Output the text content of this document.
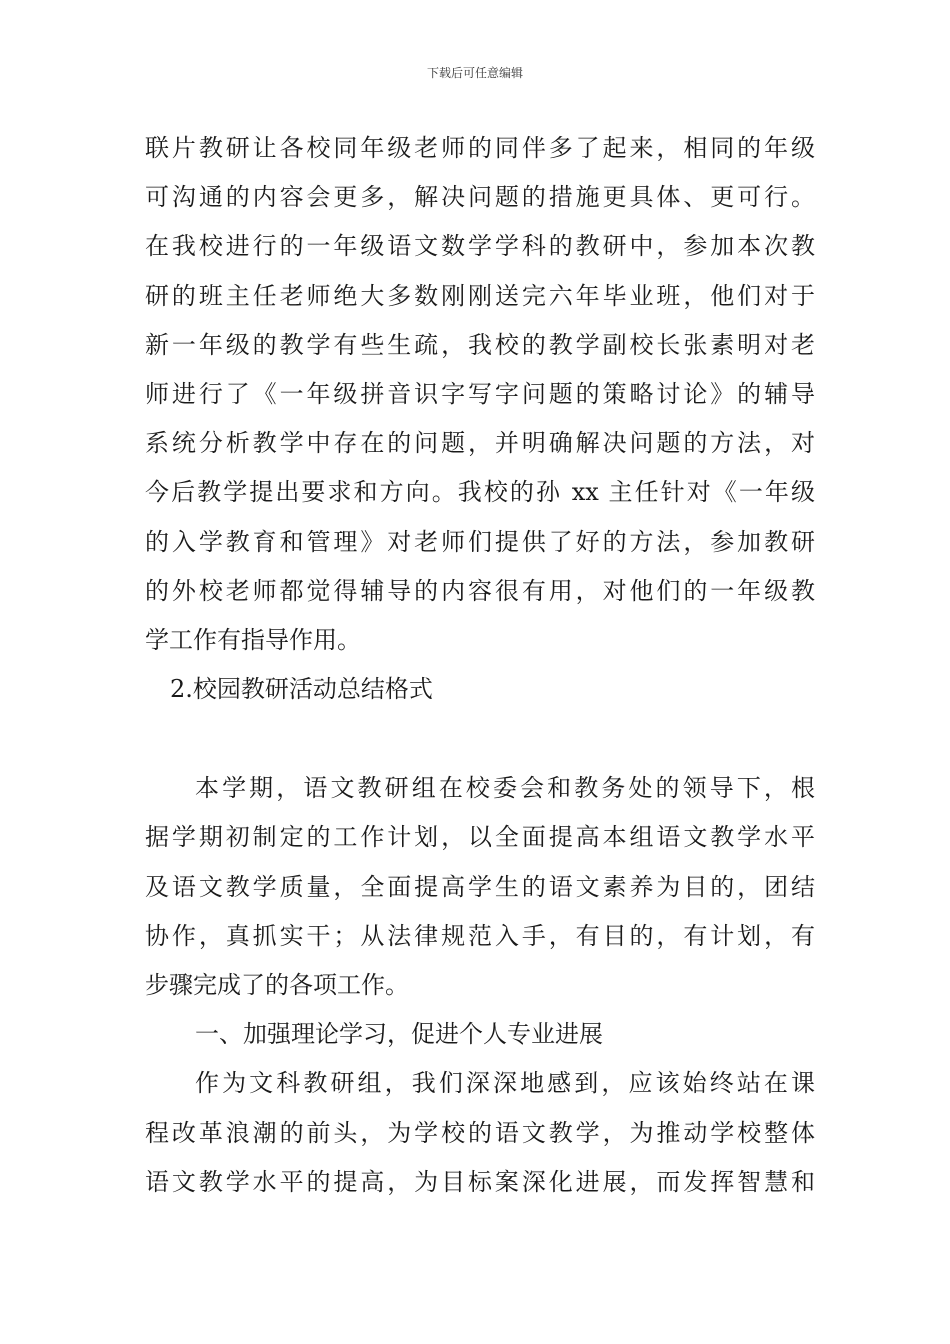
下载后可任意编辑
联片教研让各校同年级老师的同伴多了起来，相同的年级
可沟通的内容会更多，解决问题的措施更具体、更可行。
在我校进行的一年级语文数学学科的教研中，参加本次教
研的班主任老师绝大多数刚刚送完六年毕业班，他们对于
新一年级的教学有些生疏，我校的教学副校长张素明对老
师进行了《一年级拼音识字写字问题的策略讨论》的辅导
系统分析教学中存在的问题，并明确解决问题的方法，对
今后教学提出要求和方向。我校的孙 xx 主任针对《一年级
的入学教育和管理》对老师们提供了好的方法，参加教研
的外校老师都觉得辅导的内容很有用，对他们的一年级教
学工作有指导作用。
2.校园教研活动总结格式
本学期，语文教研组在校委会和教务处的领导下，根
据学期初制定的工作计划，以全面提高本组语文教学水平
及语文教学质量，全面提高学生的语文素养为目的，团结
协作，真抓实干；从法律规范入手，有目的，有计划，有
步骤完成了的各项工作。
一、加强理论学习，促进个人专业进展
作为文科教研组，我们深深地感到，应该始终站在课
程改革浪潮的前头，为学校的语文教学，为推动学校整体
语文教学水平的提高，为目标案深化进展，而发挥智慧和
